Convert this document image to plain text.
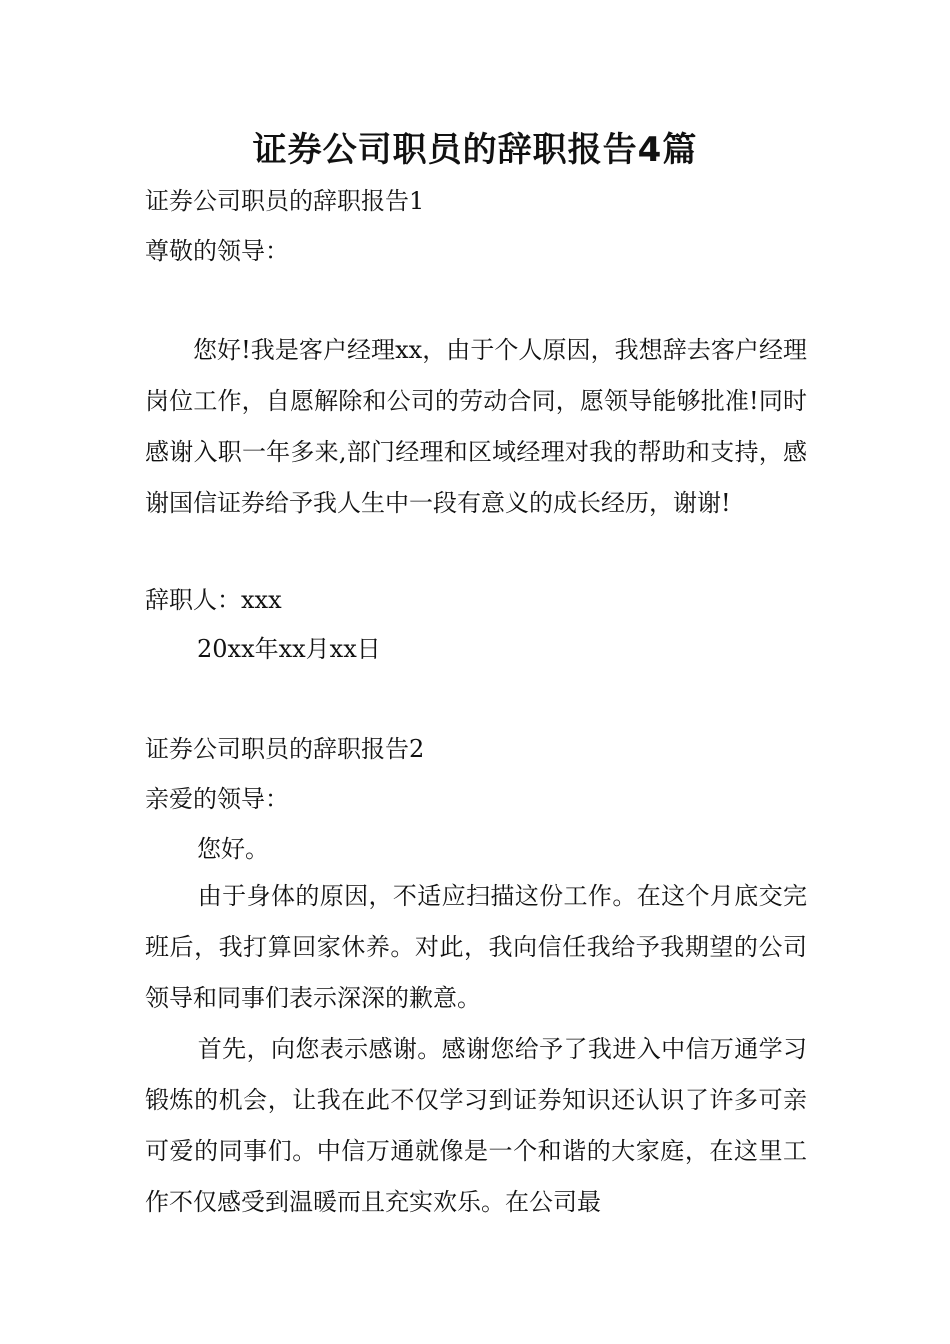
证券公司职员的辞职报告4篇
证券公司职员的辞职报告1
尊敬的领导：
您好!我是客户经理xx，由于个人原因，我想辞去客户经理岗位工作，自愿解除和公司的劳动合同，愿领导能够批准!同时感谢入职一年多来,部门经理和区域经理对我的帮助和支持，感谢国信证券给予我人生中一段有意义的成长经历，谢谢!
辞职人：xxx
20xx年xx月xx日
证券公司职员的辞职报告2
亲爱的领导：
您好。
由于身体的原因，不适应扫描这份工作。在这个月底交完班后，我打算回家休养。对此，我向信任我给予我期望的公司领导和同事们表示深深的歉意。
首先，向您表示感谢。感谢您给予了我进入中信万通学习锻炼的机会，让我在此不仅学习到证券知识还认识了许多可亲可爱的同事们。中信万通就像是一个和谐的大家庭，在这里工作不仅感受到温暖而且充实欢乐。在公司最
